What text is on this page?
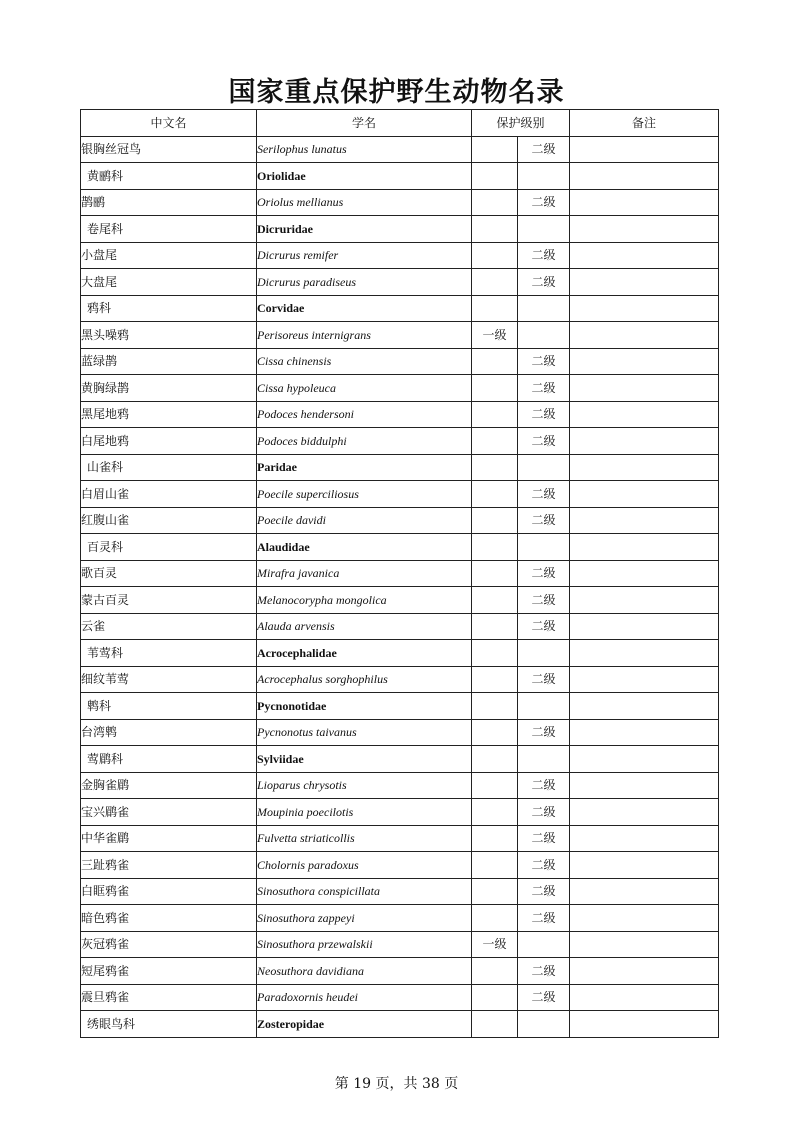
国家重点保护野生动物名录
中文名	学名	保护级别		备注
银胸丝冠鸟	Serilophus lunatus		二级	
黄鹂科	Oriolidae			
鹊鹂	Oriolus mellianus		二级	
卷尾科	Dicruridae			
小盘尾	Dicrurus remifer		二级	
大盘尾	Dicrurus paradiseus		二级	
鸦科	Corvidae			
黑头噪鸦	Perisoreus internigrans	一级		
蓝绿鹊	Cissa chinensis		二级	
黄胸绿鹊	Cissa hypoleuca		二级	
黑尾地鸦	Podoces hendersoni		二级	
白尾地鸦	Podoces biddulphi		二级	
山雀科	Paridae			
白眉山雀	Poecile superciliosus		二级	
红腹山雀	Poecile davidi		二级	
百灵科	Alaudidae			
歌百灵	Mirafra javanica		二级	
蒙古百灵	Melanocorypha mongolica		二级	
云雀	Alauda arvensis		二级	
苇莺科	Acrocephalidae			
细纹苇莺	Acrocephalus sorghophilus		二级	
鹎科	Pycnonotidae			
台湾鹎	Pycnonotus taivanus		二级	
莺鹛科	Sylviidae			
金胸雀鹛	Lioparus chrysotis		二级	
宝兴鹛雀	Moupinia poecilotis		二级	
中华雀鹛	Fulvetta striaticollis		二级	
三趾鸦雀	Cholornis paradoxus		二级	
白眶鸦雀	Sinosuthora conspicillata		二级	
暗色鸦雀	Sinosuthora zappeyi		二级	
灰冠鸦雀	Sinosuthora przewalskii	一级		
短尾鸦雀	Neosuthora davidiana		二级	
震旦鸦雀	Paradoxornis heudei		二级	
绣眼鸟科	Zosteropidae			
第 19 页，共 38 页
